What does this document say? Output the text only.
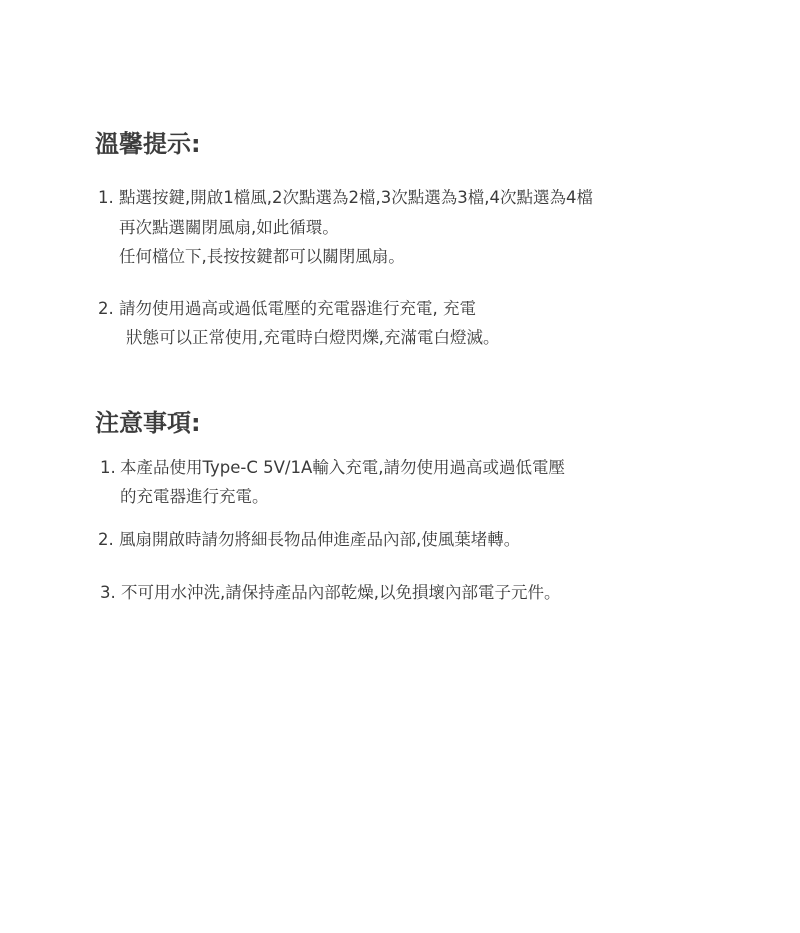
溫馨提示:
1. 點選按鍵,開啟1檔風,2次點選為2檔,3次點選為3檔,4次點選為4檔
再次點選關閉風扇,如此循環。
任何檔位下,長按按鍵都可以關閉風扇。
2. 請勿使用過高或過低電壓的充電器進行充電, 充電
狀態可以正常使用,充電時白燈閃爍,充滿電白燈滅。
注意事項:
1. 本產品使用Type-C 5V/1A輸入充電,請勿使用過高或過低電壓
的充電器進行充電。
2. 風扇開啟時請勿將細長物品伸進產品內部,使風葉堵轉。
3. 不可用水沖洗,請保持產品內部乾燥,以免損壞內部電子元件。
